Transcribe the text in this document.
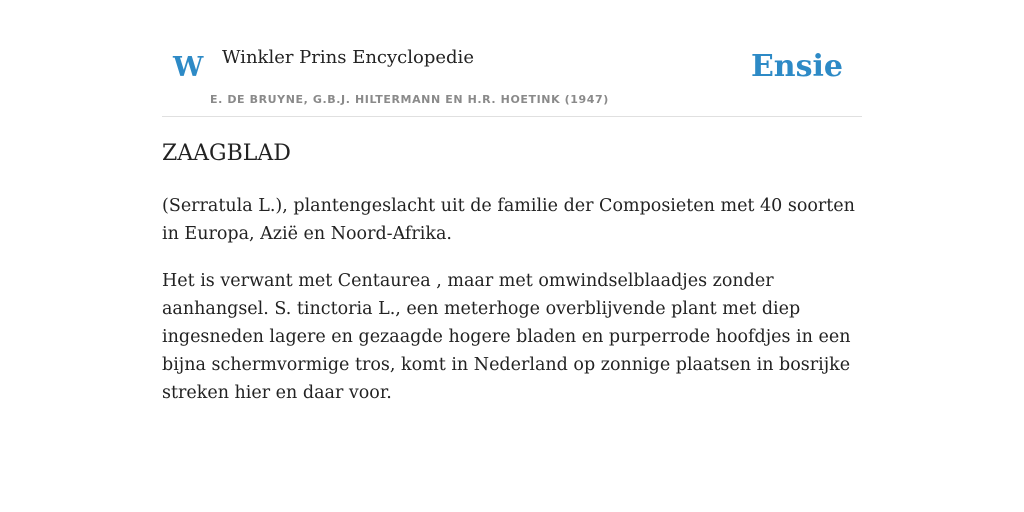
W Winkler Prins Encyclopedie
E. DE BRUYNE, G.B.J. HILTERMANN EN H.R. HOETINK (1947)
Ensie
ZAAGBLAD

(Serratula L.), plantengeslacht uit de familie der Composieten met 40 soorten in Europa, Azië en Noord-Afrika.

Het is verwant met Centaurea , maar met omwindselblaadjes zonder aanhangsel. S. tinctoria L., een meterhoge overblijvende plant met diep ingesneden lagere en gezaagde hogere bladen en purperrode hoofdjes in een bijna schermvormige tros, komt in Nederland op zonnige plaatsen in bosrijke streken hier en daar voor.
